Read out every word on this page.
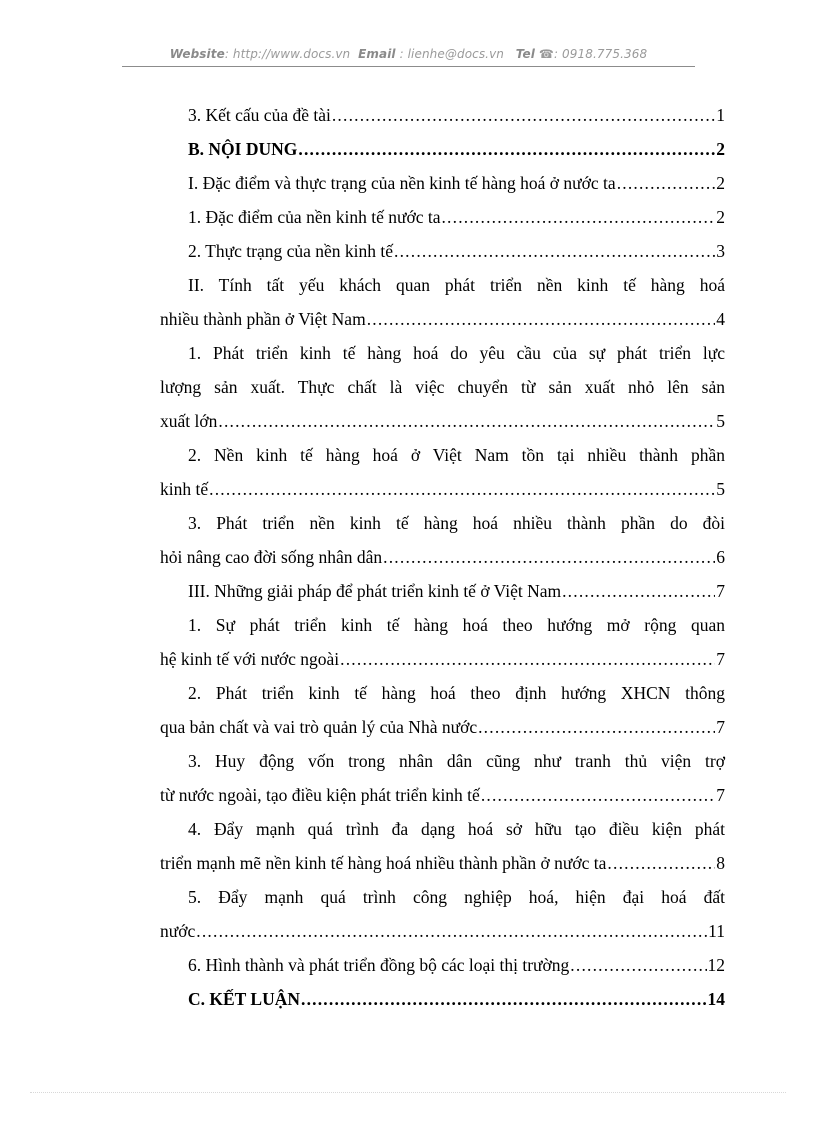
Website: http://www.docs.vn Email : lienhe@docs.vn Tel ☎: 0918.775.368
3. Kết cấu của đề tài .....	1
B. NỘI DUNG .....	2
I. Đặc điểm và thực trạng của nền kinh tế hàng hoá ở nước ta .....	2
1. Đặc điểm của nền kinh tế nước ta .....	2
2. Thực trạng của nền kinh tế .....	3
II. Tính tất yếu khách quan phát triển nền kinh tế hàng hoá
nhiều thành phần ở Việt Nam .....	4
1. Phát triển kinh tế hàng hoá do yêu cầu của sự phát triển lực
lượng sản xuất. Thực chất là việc chuyển từ sản xuất nhỏ lên sản
xuất lớn .....	5
2. Nền kinh tế hàng hoá ở Việt Nam tồn tại nhiều thành phần
kinh tế .....	5
3. Phát triển nền kinh tế hàng hoá nhiều thành phần do đòi
hỏi nâng cao đời sống nhân dân .....	6
III. Những giải pháp để phát triển kinh tế ở Việt Nam .....	7
1. Sự phát triển kinh tế hàng hoá theo hướng mở rộng quan
hệ kinh tế với nước ngoài .....	7
2. Phát triển kinh tế hàng hoá theo định hướng XHCN thông
qua bản chất và vai trò quản lý của Nhà nước .....	7
3. Huy động vốn trong nhân dân cũng như tranh thủ viện trợ
từ nước ngoài, tạo điều kiện phát triển kinh tế .....	7
4. Đẩy mạnh quá trình đa dạng hoá sở hữu tạo điều kiện phát
triển mạnh mẽ nền kinh tế hàng hoá nhiều thành phần ở nước ta .....	8
5. Đẩy mạnh quá trình công nghiệp hoá, hiện đại hoá đất
nước .....	11
6. Hình thành và phát triển đồng bộ các loại thị trường .....	12
C. KẾT LUẬN .....	14
